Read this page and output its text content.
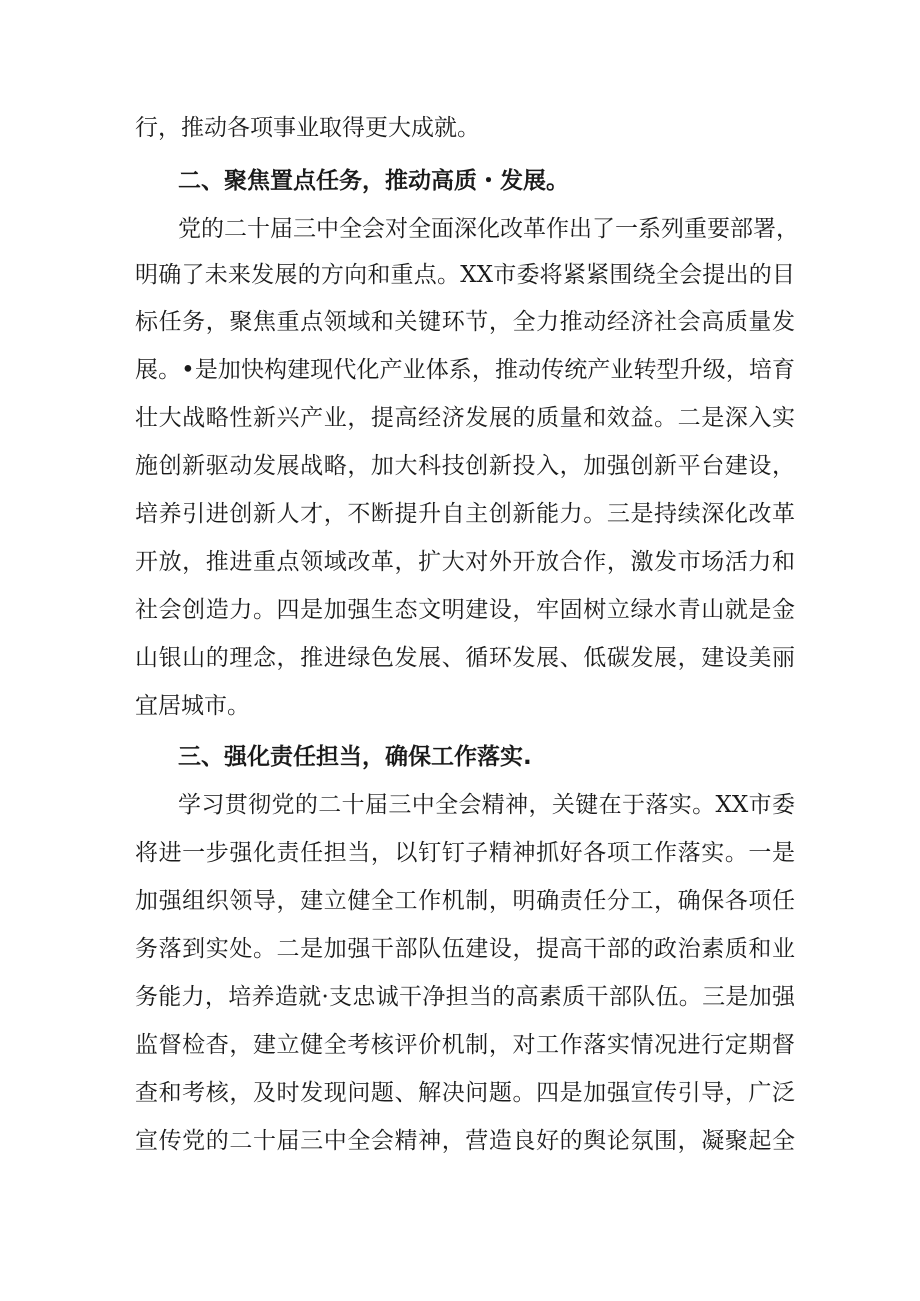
行，推动各项事业取得更大成就。
二、聚焦置点任务，推动高质・发展。
党的二十届三中全会对全面深化改革作出了一系列重要部署，
明确了未来发展的方向和重点。XX市委将紧紧围绕全会提出的目
标任务，聚焦重点领域和关键环节，全力推动经济社会高质量发
展。•是加快构建现代化产业体系，推动传统产业转型升级，培育
壮大战略性新兴产业，提高经济发展的质量和效益。二是深入实
施创新驱动发展战略，加大科技创新投入，加强创新平台建设，
培养引进创新人才，不断提升自主创新能力。三是持续深化改革
开放，推进重点领域改革，扩大对外开放合作，激发市场活力和
社会创造力。四是加强生态文明建设，牢固树立绿水青山就是金
山银山的理念，推进绿色发展、循环发展、低碳发展，建设美丽
宜居城市。
三、强化责任担当，确保工作落实.
学习贯彻党的二十届三中全会精神，关键在于落实。XX市委
将进一步强化责任担当，以钉钉子精神抓好各项工作落实。一是
加强组织领导，建立健全工作机制，明确责任分工，确保各项任
务落到实处。二是加强干部队伍建设，提高干部的政治素质和业
务能力，培养造就·支忠诚干净担当的高素质干部队伍。三是加强
监督检杳，建立健全考核评价机制，对工作落实情况进行定期督
查和考核，及时发现问题、解决问题。四是加强宣传引导，广泛
宣传党的二十届三中全会精神，营造良好的舆论氛围，凝聚起全
